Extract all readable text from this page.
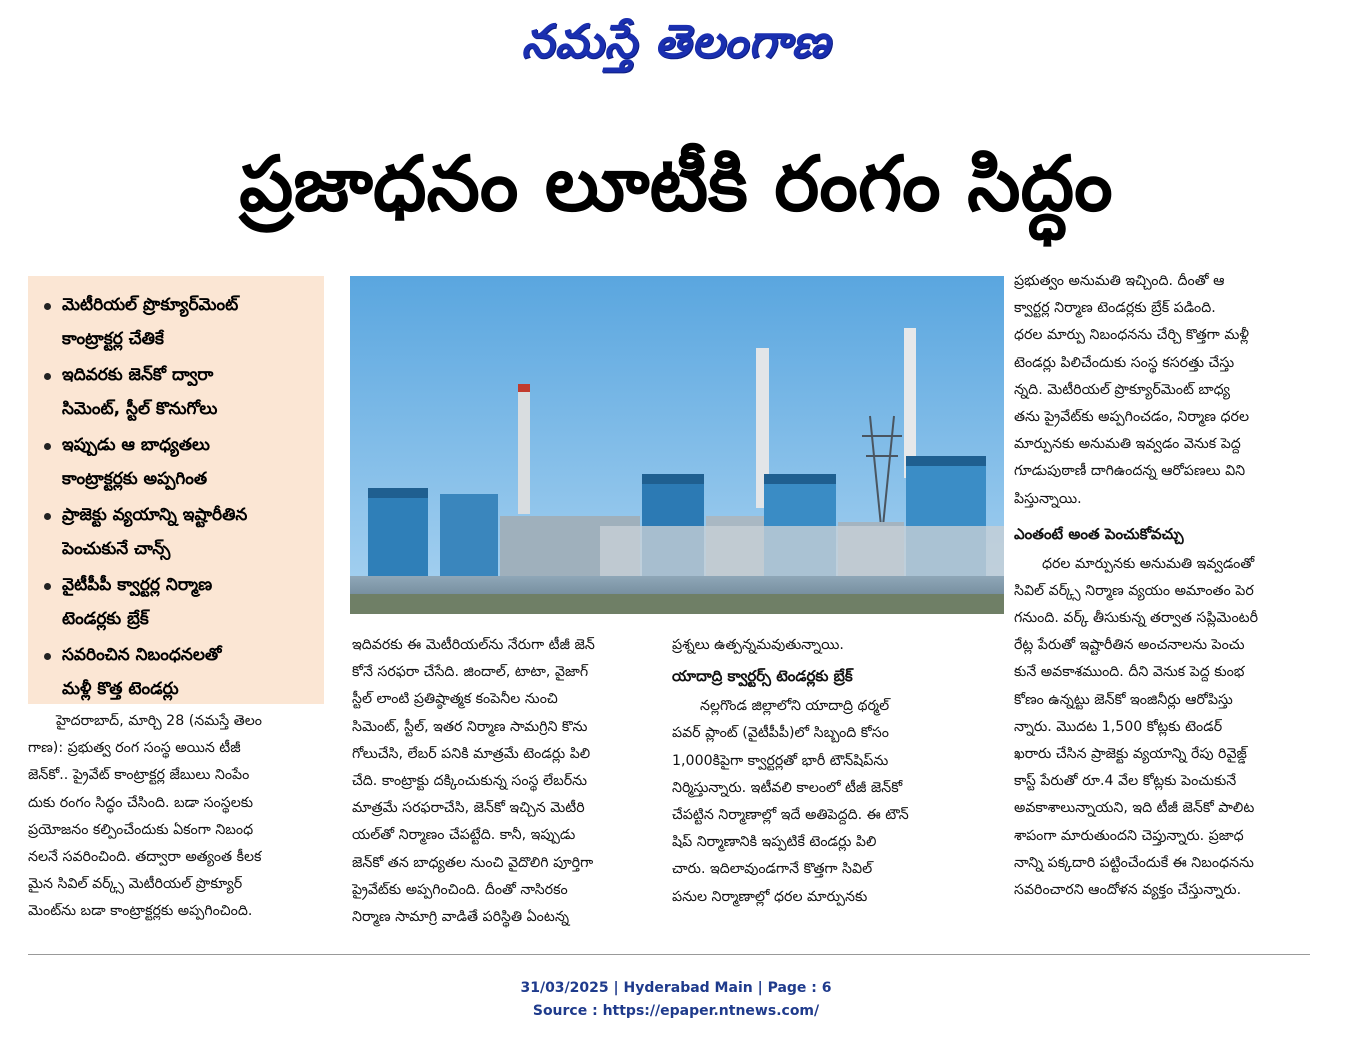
నమస్తే తెలంగాణ
ప్రజాధనం లూటీకి రంగం సిద్ధం
మెటీరియల్ ప్రొక్యూర్‌మెంట్
కాంట్రాక్టర్ల చేతికే
ఇదివరకు జెన్‌కో ద్వారా
సిమెంట్, స్టీల్ కొనుగోలు
ఇప్పుడు ఆ బాధ్యతలు
కాంట్రాక్టర్లకు అప్పగింత
ప్రాజెక్టు వ్యయాన్ని ఇష్టారీతిన
పెంచుకునే చాన్స్
వైటీపీపీ క్వార్టర్ల నిర్మాణ
టెండర్లకు బ్రేక్
సవరించిన నిబంధనలతో
మళ్లీ కొత్త టెండర్లు
హైదరాబాద్, మార్చి 28 (నమస్తే తెలం
గాణ): ప్రభుత్వ రంగ సంస్థ అయిన టీజీ
జెన్‌కో.. ప్రైవేట్ కాంట్రాక్టర్ల జేబులు నింపేం
దుకు రంగం సిద్ధం చేసింది. బడా సంస్థలకు
ప్రయోజనం కల్పించేందుకు ఏకంగా నిబంధ
నలనే సవరించింది. తద్వారా అత్యంత కీలక
మైన సివిల్ వర్క్స్ మెటీరియల్ ప్రొక్యూర్
మెంట్‌ను బడా కాంట్రాక్టర్లకు అప్పగించింది.
ఇదివరకు ఈ మెటీరియల్‌ను నేరుగా టీజీ జెన్
కోనే సరఫరా చేసేది. జిందాల్, టాటా, వైజాగ్
స్టీల్ లాంటి ప్రతిష్ఠాత్మక కంపెనీల నుంచి
సిమెంట్, స్టీల్, ఇతర నిర్మాణ సామగ్రిని కొను
గోలుచేసి, లేబర్ పనికి మాత్రమే టెండర్లు పిలి
చేది. కాంట్రాక్టు దక్కించుకున్న సంస్థ లేబర్‌ను
మాత్రమే సరఫరాచేసి, జెన్‌కో ఇచ్చిన మెటీరి
యల్‌తో నిర్మాణం చేపట్టేది. కానీ, ఇప్పుడు
జెన్‌కో తన బాధ్యతల నుంచి వైదొలిగి పూర్తిగా
ప్రైవేట్‌కు అప్పగించింది. దీంతో నాసిరకం
నిర్మాణ సామాగ్రి వాడితే పరిస్థితి ఏంటన్న
ప్రశ్నలు ఉత్పన్నమవుతున్నాయి.
యాదాద్రి క్వార్టర్స్ టెండర్లకు బ్రేక్
నల్లగొండ జిల్లాలోని యాదాద్రి థర్మల్
పవర్ ప్లాంట్ (వైటీపీపీ)లో సిబ్బంది కోసం
1,000కిపైగా క్వార్టర్లతో భారీ టౌన్‌షిప్‌ను
నిర్మిస్తున్నారు. ఇటీవలి కాలంలో టీజీ జెన్‌కో
చేపట్టిన నిర్మాణాల్లో ఇదే అతిపెద్దది. ఈ టౌన్
షిప్ నిర్మాణానికి ఇప్పటికే టెండర్లు పిలి
చారు. ఇదిలావుండగానే కొత్తగా సివిల్
పనుల నిర్మాణాల్లో ధరల మార్పునకు
ప్రభుత్వం అనుమతి ఇచ్చింది. దీంతో ఆ
క్వార్టర్ల నిర్మాణ టెండర్లకు బ్రేక్ పడింది.
ధరల మార్పు నిబంధనను చేర్చి కొత్తగా మళ్లీ
టెండర్లు పిలిచేందుకు సంస్థ కసరత్తు చేస్తు
న్నది. మెటీరియల్ ప్రొక్యూర్‌మెంట్ బాధ్య
తను ప్రైవేట్‌కు అప్పగించడం, నిర్మాణ ధరల
మార్పునకు అనుమతి ఇవ్వడం వెనుక పెద్ద
గూడుపుఠాణీ దాగిఉందన్న ఆరోపణలు విని
పిస్తున్నాయి.
ఎంతంటే అంత పెంచుకోవచ్చు
ధరల మార్పునకు అనుమతి ఇవ్వడంతో
సివిల్ వర్క్స్ నిర్మాణ వ్యయం అమాంతం పెర
గనుంది. వర్క్ తీసుకున్న తర్వాత సప్లిమెంటరీ
రేట్ల పేరుతో ఇష్టారీతిన అంచనాలను పెంచు
కునే అవకాశముంది. దీని వెనుక పెద్ద కుంభ
కోణం ఉన్నట్టు జెన్‌కో ఇంజినీర్లు ఆరోపిస్తు
న్నారు. మొదట 1,500 కోట్లకు టెండర్
ఖరారు చేసిన ప్రాజెక్టు వ్యయాన్ని రేపు రివైజ్డ్
కాస్ట్ పేరుతో రూ.4 వేల కోట్లకు పెంచుకునే
అవకాశాలున్నాయని, ఇది టీజీ జెన్‌కో పాలిట
శాపంగా మారుతుందని చెప్తున్నారు. ప్రజాధ
నాన్ని పక్కదారి పట్టించేందుకే ఈ నిబంధనను
సవరించారని ఆందోళన వ్యక్తం చేస్తున్నారు.
31/03/2025 | Hyderabad Main | Page : 6
Source : https://epaper.ntnews.com/
